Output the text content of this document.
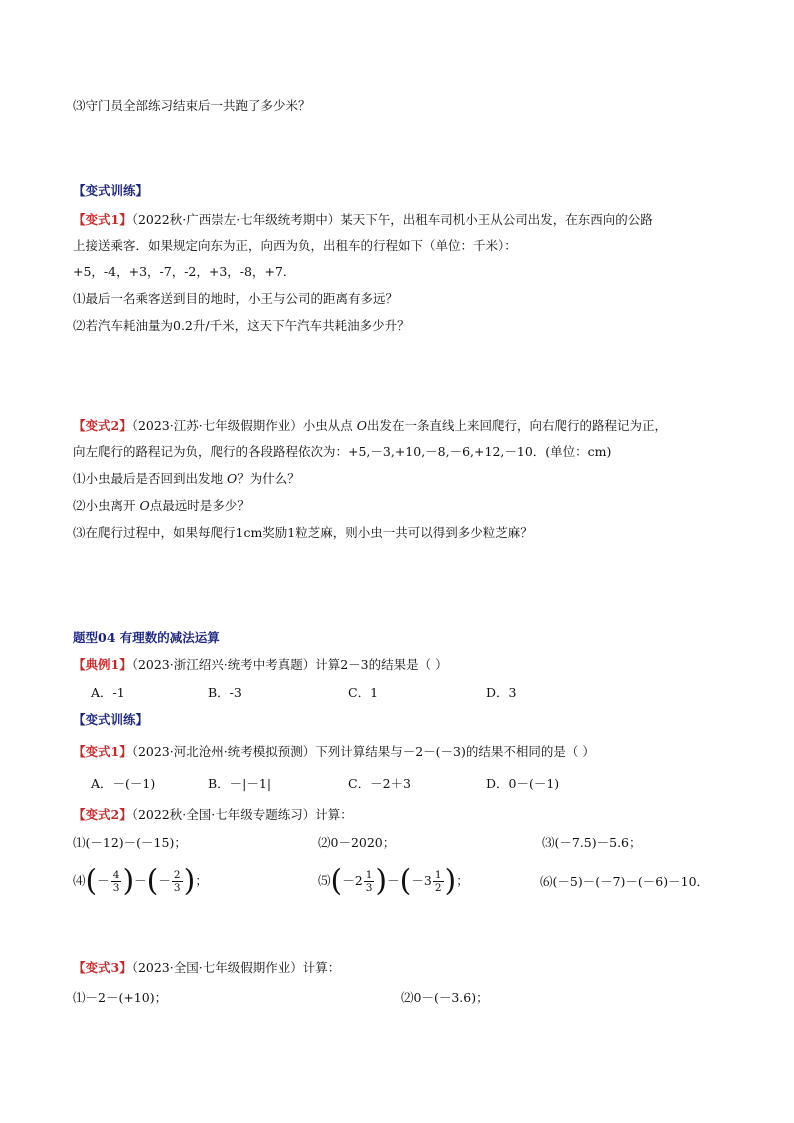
⑶守门员全部练习结束后一共跑了多少米？
【变式训练】
【变式1】（2022秋·广西崇左·七年级统考期中）某天下午，出租车司机小王从公司出发，在东西向的公路
上接送乘客．如果规定向东为正，向西为负，出租车的行程如下（单位：千米）：
+5，-4，+3，-7，-2，+3，-8，+7．
⑴最后一名乘客送到目的地时，小王与公司的距离有多远？
⑵若汽车耗油量为0.2升/千米，这天下午汽车共耗油多少升？
【变式2】（2023·江苏·七年级假期作业）小虫从点 O出发在一条直线上来回爬行，向右爬行的路程记为正，
向左爬行的路程记为负，爬行的各段路程依次为：+5,－3,+10,－8,－6,+12,－10．(单位：cm)
⑴小虫最后是否回到出发地 O？为什么？
⑵小虫离开 O点最远时是多少？
⑶在爬行过程中，如果每爬行1cm奖励1粒芝麻，则小虫一共可以得到多少粒芝麻？
题型04 有理数的减法运算
【典例1】（2023·浙江绍兴·统考中考真题）计算2－3的结果是（ ）
A．-1	B．-3	C．1	D．3
【变式训练】
【变式1】（2023·河北沧州·统考模拟预测）下列计算结果与－2－(－3)的结果不相同的是（ ）
A．－(－1)	B．－|－1|	C．－2＋3	D．0－(－1)
【变式2】（2022秋·全国·七年级专题练习）计算：
⑴(－12)－(－15)；	⑵0－2020；	⑶(－7.5)－5.6；
⑷(－ $\frac{4}{3}$ )－(－ $\frac{2}{3}$ )；	⑸(－2 $\frac{1}{3} )-(-3 \frac{1}{2}$ )；	⑹(－5)－(－7)－(－6)－10．
【变式3】（2023·全国·七年级假期作业）计算：
⑴－2－(+10)；	⑵0－(－3.6)；
